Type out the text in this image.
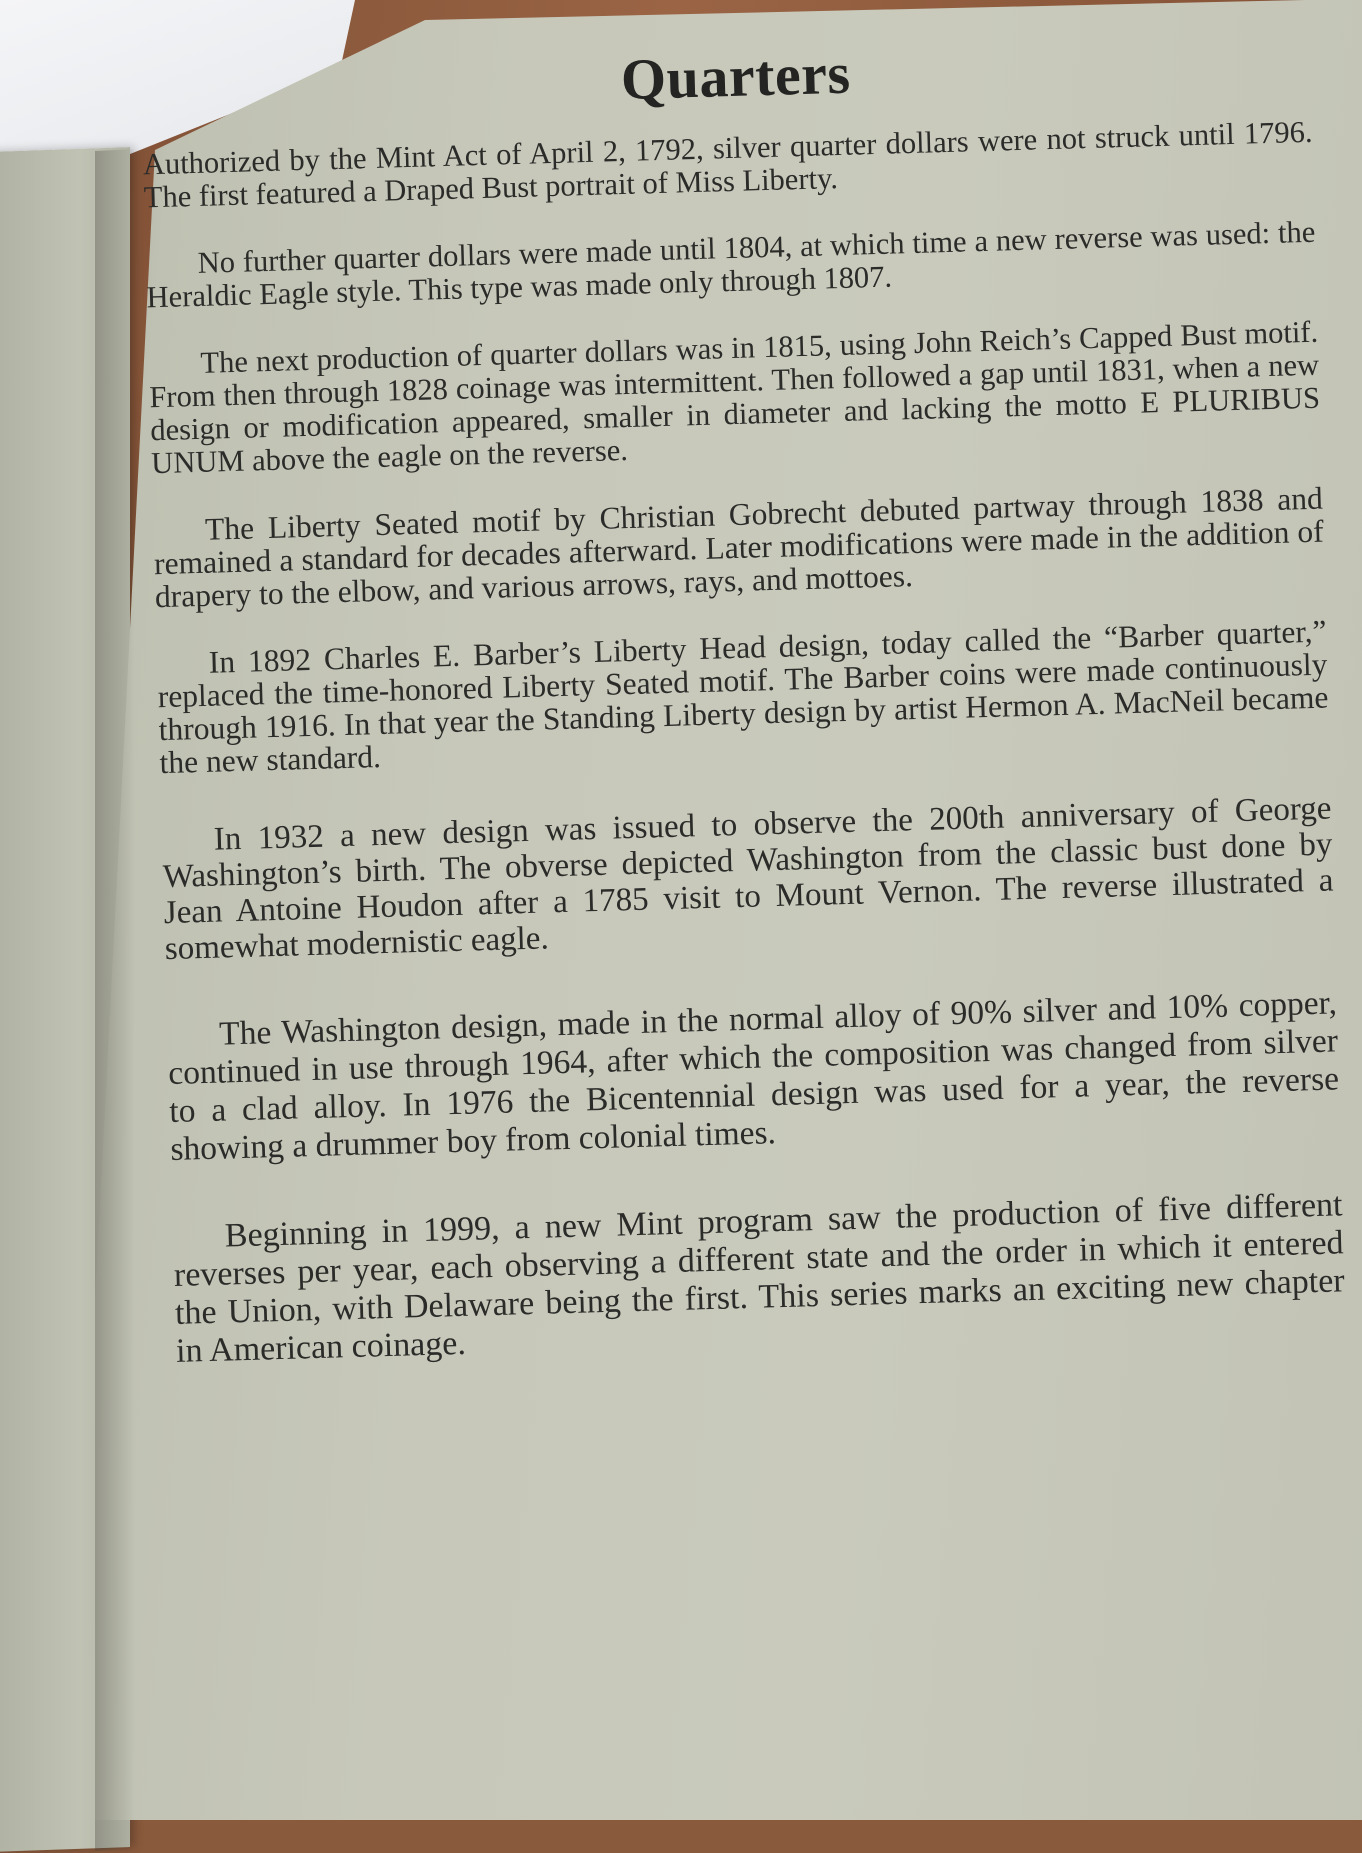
Quarters

Authorized by the Mint Act of April 2, 1792, silver quarter dollars were not struck until 1796. The first featured a Draped Bust portrait of Miss Liberty.

No further quarter dollars were made until 1804, at which time a new reverse was used: the Heraldic Eagle style. This type was made only through 1807.

The next production of quarter dollars was in 1815, using John Reich’s Capped Bust motif. From then through 1828 coinage was intermittent. Then followed a gap until 1831, when a new design or modification appeared, smaller in diameter and lacking the motto E PLURIBUS UNUM above the eagle on the reverse.

The Liberty Seated motif by Christian Gobrecht debuted partway through 1838 and remained a standard for decades afterward. Later modifications were made in the addition of drapery to the elbow, and various arrows, rays, and mottoes.

In 1892 Charles E. Barber’s Liberty Head design, today called the “Barber quarter,” replaced the time-honored Liberty Seated motif. The Barber coins were made continuously through 1916. In that year the Standing Liberty design by artist Hermon A. MacNeil became the new standard.

In 1932 a new design was issued to observe the 200th anniversary of George Washington’s birth. The obverse depicted Washington from the classic bust done by Jean Antoine Houdon after a 1785 visit to Mount Vernon. The reverse illustrated a somewhat modernistic eagle.

The Washington design, made in the normal alloy of 90% silver and 10% copper, continued in use through 1964, after which the composition was changed from silver to a clad alloy. In 1976 the Bicentennial design was used for a year, the reverse showing a drummer boy from colonial times.

Beginning in 1999, a new Mint program saw the production of five different reverses per year, each observing a different state and the order in which it entered the Union, with Delaware being the first. This series marks an exciting new chapter in American coinage.
